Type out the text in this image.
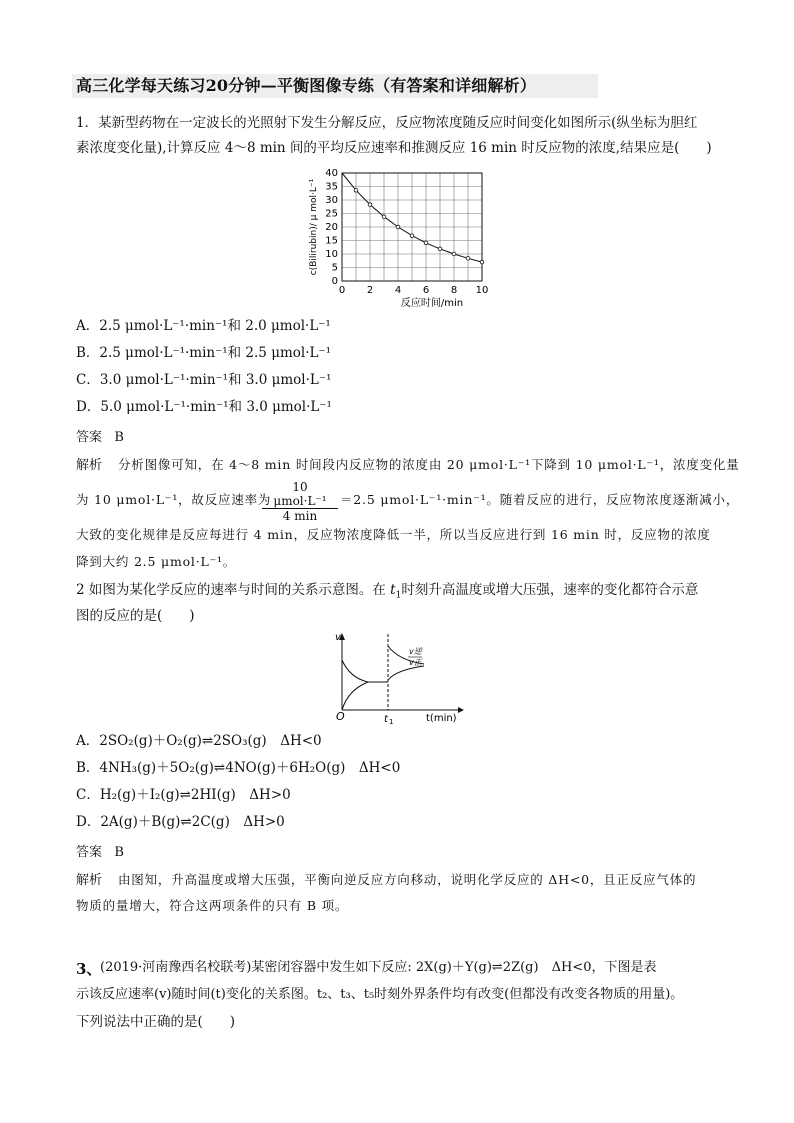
高三化学每天练习20分钟—平衡图像专练（有答案和详细解析）
1．某新型药物在一定波长的光照射下发生分解反应，反应物浓度随反应时间变化如图所示(纵坐标为胆红
素浓度变化量),计算反应 4～8 min 间的平均反应速率和推测反应 16 min 时反应物的浓度,结果应是(　　)
0 2 4 6 8 10
0
5
10
15
20
25
30
35
40
反应时间/min
c(Bilirubin)/ μ mol·L⁻¹
A．2.5 μmol·L⁻¹·min⁻¹和 2.0 μmol·L⁻¹
B．2.5 μmol·L⁻¹·min⁻¹和 2.5 μmol·L⁻¹
C．3.0 μmol·L⁻¹·min⁻¹和 3.0 μmol·L⁻¹
D．5.0 μmol·L⁻¹·min⁻¹和 3.0 μmol·L⁻¹
答案 B
解析 分析图像可知，在 4～8 min 时间段内反应物的浓度由 20 μmol·L⁻¹下降到 10 μmol·L⁻¹，浓度变化量
为 10 μmol·L⁻¹，故反应速率为
10 μmol·L⁻¹
4 min
＝2.5 μmol·L⁻¹·min⁻¹。随着反应的进行，反应物浓度逐渐减小，
大致的变化规律是反应每进行 4 min，反应物浓度降低一半，所以当反应进行到 16 min 时，反应物的浓度
降到大约 2.5 μmol·L⁻¹。
2 如图为某化学反应的速率与时间的关系示意图。在 $t_1$时刻升高温度或增大压强，速率的变化都符合示意
图的反应的是(　　)
O
v
t(min)
t 1
v逆
v正
A．2SO₂(g)＋O₂(g)⇌2SO₃(g)　ΔH<0
B．4NH₃(g)＋5O₂(g)⇌4NO(g)＋6H₂O(g)　ΔH<0
C．H₂(g)＋I₂(g)⇌2HI(g)　ΔH>0
D．2A(g)＋B(g)⇌2C(g)　ΔH>0
答案 B
解析 由图知，升高温度或增大压强，平衡向逆反应方向移动，说明化学反应的 ΔH<0，且正反应气体的
物质的量增大，符合这两项条件的只有 B 项。
3、
(2019·河南豫西名校联考)某密闭容器中发生如下反应: 2X(g)＋Y(g)⇌2Z(g)　ΔH<0，下图是表
示该反应速率(v)随时间(t)变化的关系图。t₂、t₃、t₅时刻外界条件均有改变(但都没有改变各物质的用量)。
下列说法中正确的是(　　)
